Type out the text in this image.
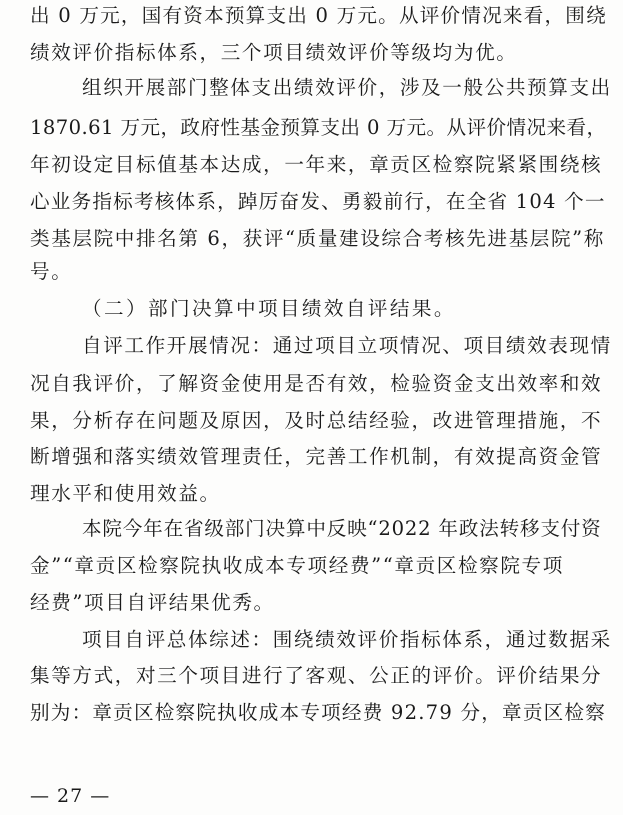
出 0 万元，国有资本预算支出 0 万元。从评价情况来看，围绕
绩效评价指标体系，三个项目绩效评价等级均为优。
组织开展部门整体支出绩效评价，涉及一般公共预算支出
1870.61 万元，政府性基金预算支出 0 万元。从评价情况来看，
年初设定目标值基本达成，一年来，章贡区检察院紧紧围绕核
心业务指标考核体系，踔厉奋发、勇毅前行，在全省 104 个一
类基层院中排名第 6，获评“质量建设综合考核先进基层院”称
号。
（二）部门决算中项目绩效自评结果。
自评工作开展情况：通过项目立项情况、项目绩效表现情
况自我评价，了解资金使用是否有效，检验资金支出效率和效
果，分析存在问题及原因，及时总结经验，改进管理措施，不
断增强和落实绩效管理责任，完善工作机制，有效提高资金管
理水平和使用效益。
本院今年在省级部门决算中反映“2022 年政法转移支付资
金”“章贡区检察院执收成本专项经费”“章贡区检察院专项
经费”项目自评结果优秀。
项目自评总体综述：围绕绩效评价指标体系，通过数据采
集等方式，对三个项目进行了客观、公正的评价。评价结果分
别为：章贡区检察院执收成本专项经费 92.79 分，章贡区检察
— 27 —
